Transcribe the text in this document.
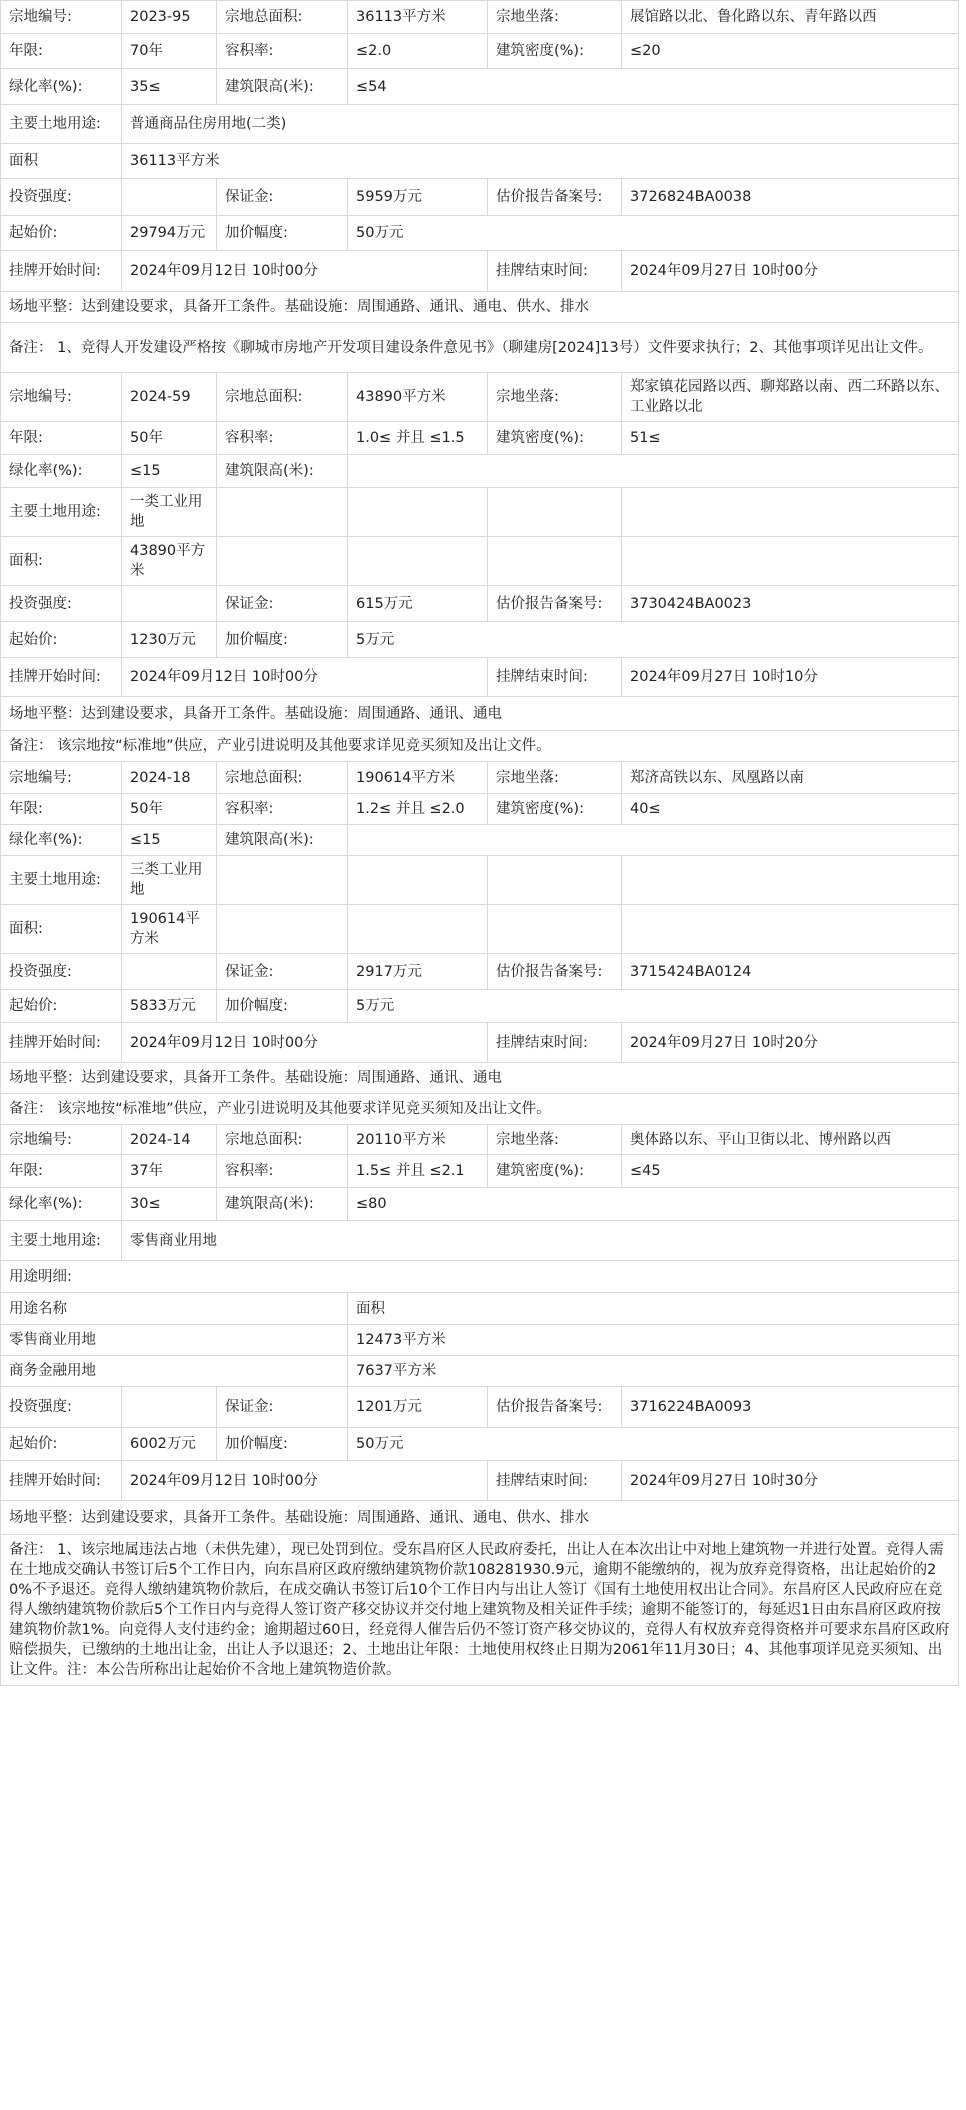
宗地编号:	2023-95	宗地总面积:	36113平方米	宗地坐落:	展馆路以北、鲁化路以东、青年路以西
年限:	70年	容积率:	≤2.0	建筑密度(%):	≤20
绿化率(%):	35≤	建筑限高(米):	≤54		
主要土地用途:	普通商品住房用地(二类)				
面积	36113平方米				
投资强度:		保证金:	5959万元	估价报告备案号:	3726824BA0038
起始价:	29794万元	加价幅度:	50万元		
挂牌开始时间:	2024年09月12日 10时00分			挂牌结束时间:	2024年09月27日 10时00分
场地平整：达到建设要求，具备开工条件。基础设施：周围通路、通讯、通电、供水、排水					
备注： 1、竞得人开发建设严格按《聊城市房地产开发项目建设条件意见书》（聊建房[2024]13号）文件要求执行；2、其他事项详见出让文件。					
宗地编号:	2024-59	宗地总面积:	43890平方米	宗地坐落:	郑家镇花园路以西、聊郑路以南、西二环路以东、工业路以北
年限:	50年	容积率:	1.0≤ 并且 ≤1.5	建筑密度(%):	51≤
绿化率(%):	≤15	建筑限高(米):			
主要土地用途:	一类工业用地				
面积:	43890平方米				
投资强度:		保证金:	615万元	估价报告备案号:	3730424BA0023
起始价:	1230万元	加价幅度:	5万元		
挂牌开始时间:	2024年09月12日 10时00分			挂牌结束时间:	2024年09月27日 10时10分
场地平整：达到建设要求，具备开工条件。基础设施：周围通路、通讯、通电					
备注： 该宗地按“标准地”供应，产业引进说明及其他要求详见竞买须知及出让文件。					
宗地编号:	2024-18	宗地总面积:	190614平方米	宗地坐落:	郑济高铁以东、凤凰路以南
年限:	50年	容积率:	1.2≤ 并且 ≤2.0	建筑密度(%):	40≤
绿化率(%):	≤15	建筑限高(米):			
主要土地用途:	三类工业用地				
面积:	190614平方米				
投资强度:		保证金:	2917万元	估价报告备案号:	3715424BA0124
起始价:	5833万元	加价幅度:	5万元		
挂牌开始时间:	2024年09月12日 10时00分			挂牌结束时间:	2024年09月27日 10时20分
场地平整：达到建设要求，具备开工条件。基础设施：周围通路、通讯、通电					
备注： 该宗地按“标准地”供应，产业引进说明及其他要求详见竞买须知及出让文件。					
宗地编号:	2024-14	宗地总面积:	20110平方米	宗地坐落:	奥体路以东、平山卫街以北、博州路以西
年限:	37年	容积率:	1.5≤ 并且 ≤2.1	建筑密度(%):	≤45
绿化率(%):	30≤	建筑限高(米):	≤80		
主要土地用途:	零售商业用地				
用途明细:					
用途名称			面积		
零售商业用地			12473平方米		
商务金融用地			7637平方米		
投资强度:		保证金:	1201万元	估价报告备案号:	3716224BA0093
起始价:	6002万元	加价幅度:	50万元		
挂牌开始时间:	2024年09月12日 10时00分			挂牌结束时间:	2024年09月27日 10时30分
场地平整：达到建设要求，具备开工条件。基础设施：周围通路、通讯、通电、供水、排水					
备注： 1、该宗地属违法占地（未供先建），现已处罚到位。受东昌府区人民政府委托，出让人在本次出让中对地上建筑物一并进行处置。竞得人需在土地成交确认书签订后5个工作日内，向东昌府区政府缴纳建筑物价款108281930.9元，逾期不能缴纳的，视为放弃竞得资格，出让起始价的20%不予退还。竞得人缴纳建筑物价款后，在成交确认书签订后10个工作日内与出让人签订《国有土地使用权出让合同》。东昌府区人民政府应在竞得人缴纳建筑物价款后5个工作日内与竞得人签订资产移交协议并交付地上建筑物及相关证件手续；逾期不能签订的，每延迟1日由东昌府区政府按建筑物价款1%。向竞得人支付违约金；逾期超过60日，经竞得人催告后仍不签订资产移交协议的，竞得人有权放弃竞得资格并可要求东昌府区政府赔偿损失，已缴纳的土地出让金，出让人予以退还；2、土地出让年限：土地使用权终止日期为2061年11月30日；4、其他事项详见竞买须知、出让文件。注：本公告所称出让起始价不含地上建筑物造价款。					
